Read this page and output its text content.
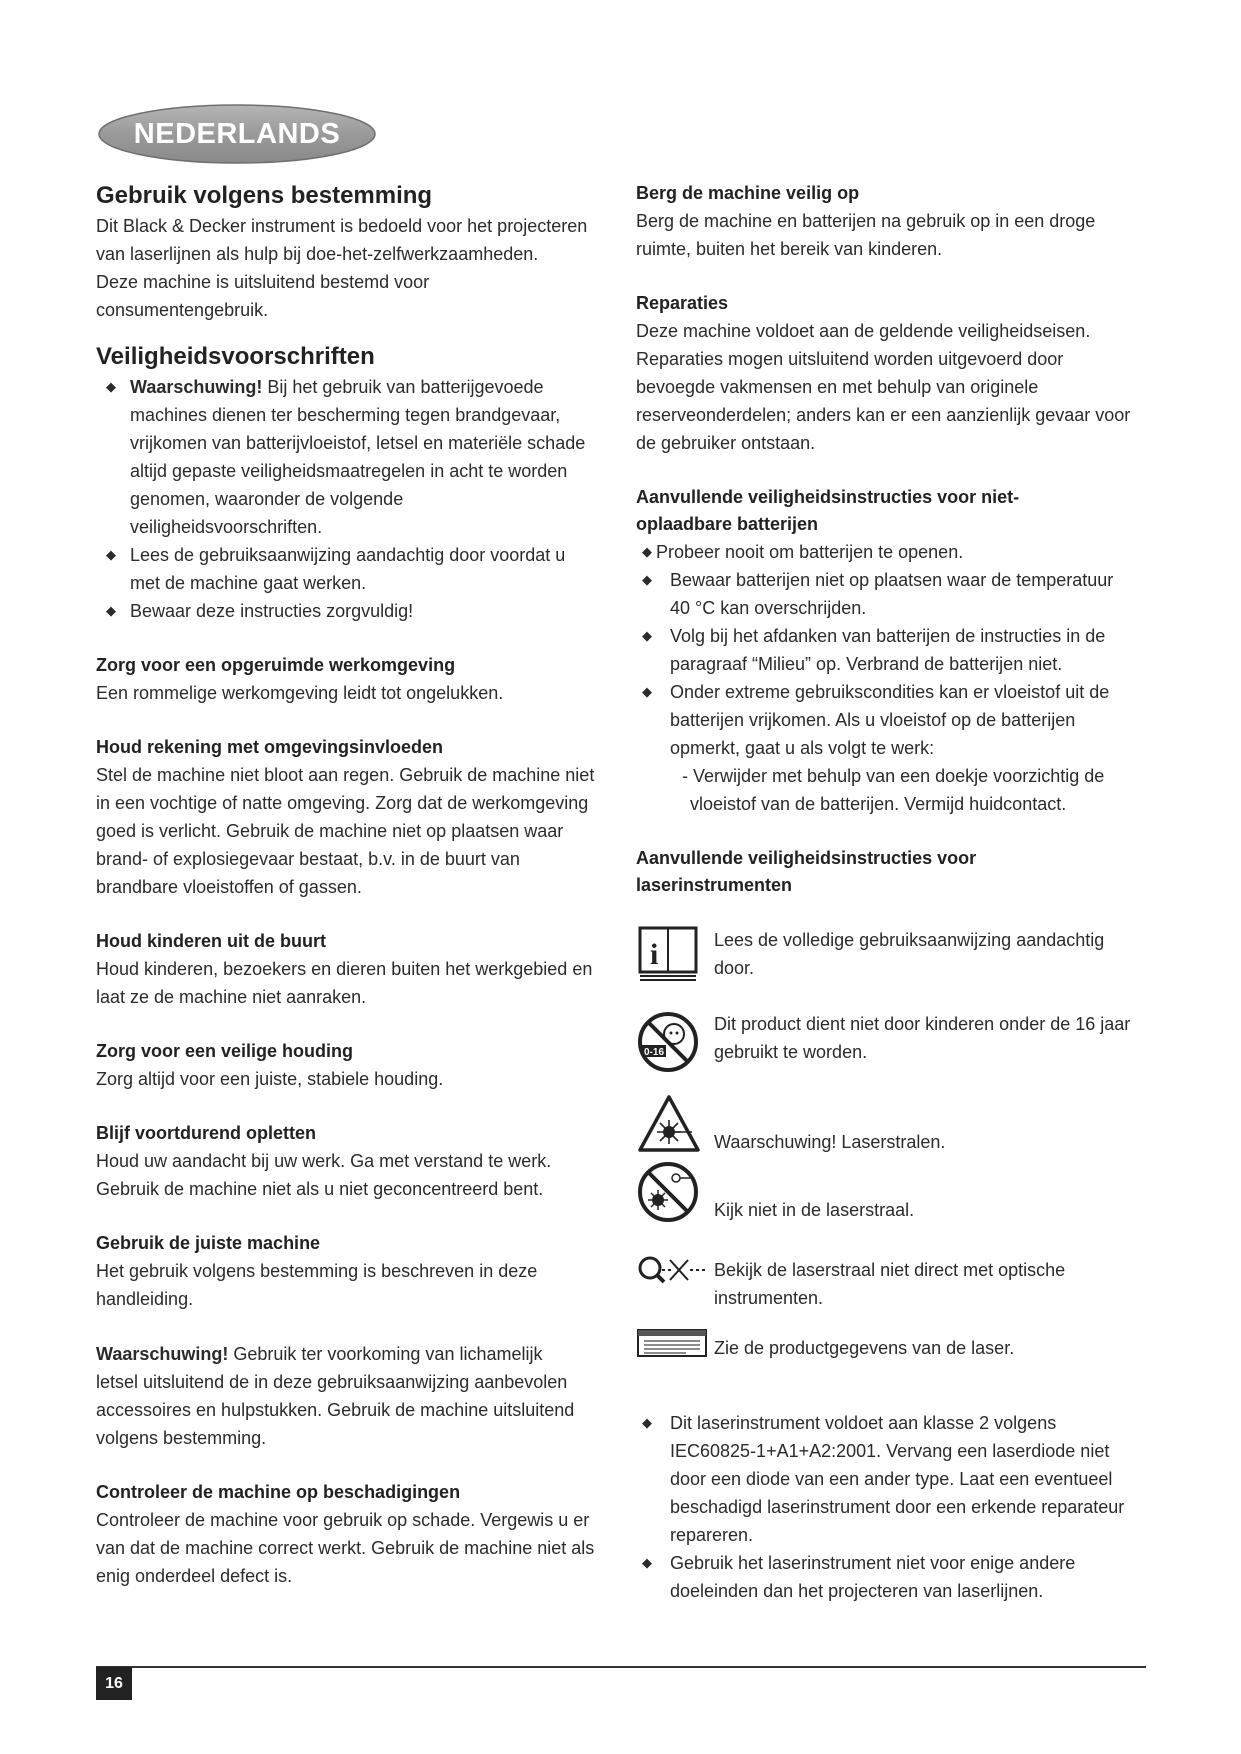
NEDERLANDS
Gebruik volgens bestemming

Dit Black & Decker instrument is bedoeld voor het projecteren
van laserlijnen als hulp bij doe-het-zelfwerkzaamheden.
Deze machine is uitsluitend bestemd voor
consumentengebruik.

Veiligheidsvoorschriften
◆ Waarschuwing! Bij het gebruik van batterijgevoede
machines dienen ter bescherming tegen brandgevaar,
vrijkomen van batterijvloeistof, letsel en materiële schade
altijd gepaste veiligheidsmaatregelen in acht te worden
genomen, waaronder de volgende
veiligheidsvoorschriften.
◆ Lees de gebruiksaanwijzing aandachtig door voordat u
met de machine gaat werken.
◆ Bewaar deze instructies zorgvuldig!
Zorg voor een opgeruimde werkomgeving

Een rommelige werkomgeving leidt tot ongelukken.

Houd rekening met omgevingsinvloeden

Stel de machine niet bloot aan regen. Gebruik de machine niet
in een vochtige of natte omgeving. Zorg dat de werkomgeving
goed is verlicht. Gebruik de machine niet op plaatsen waar
brand- of explosiegevaar bestaat, b.v. in de buurt van
brandbare vloeistoffen of gassen.

Houd kinderen uit de buurt

Houd kinderen, bezoekers en dieren buiten het werkgebied en
laat ze de machine niet aanraken.

Zorg voor een veilige houding

Zorg altijd voor een juiste, stabiele houding.

Blijf voortdurend opletten

Houd uw aandacht bij uw werk. Ga met verstand te werk.
Gebruik de machine niet als u niet geconcentreerd bent.

Gebruik de juiste machine

Het gebruik volgens bestemming is beschreven in deze
handleiding.

Waarschuwing! Gebruik ter voorkoming van lichamelijk
letsel uitsluitend de in deze gebruiksaanwijzing aanbevolen
accessoires en hulpstukken. Gebruik de machine uitsluitend
volgens bestemming.

Controleer de machine op beschadigingen

Controleer de machine voor gebruik op schade. Vergewis u er
van dat de machine correct werkt. Gebruik de machine niet als
enig onderdeel defect is.

Berg de machine veilig op

Berg de machine en batterijen na gebruik op in een droge
ruimte, buiten het bereik van kinderen.

Reparaties

Deze machine voldoet aan de geldende veiligheidseisen.
Reparaties mogen uitsluitend worden uitgevoerd door
bevoegde vakmensen en met behulp van originele
reserveonderdelen; anders kan er een aanzienlijk gevaar voor
de gebruiker ontstaan.

Aanvullende veiligheidsinstructies voor niet-
oplaadbare batterijen
◆ Probeer nooit om batterijen te openen.
◆ Bewaar batterijen niet op plaatsen waar de temperatuur
40 °C kan overschrijden.
◆ Volg bij het afdanken van batterijen de instructies in de
paragraaf “Milieu” op. Verbrand de batterijen niet.
◆ Onder extreme gebruikscondities kan er vloeistof uit de
batterijen vrijkomen. Als u vloeistof op de batterijen
opmerkt, gaat u als volgt te werk:
- Verwijder met behulp van een doekje voorzichtig de
vloeistof van de batterijen. Vermijd huidcontact.
Aanvullende veiligheidsinstructies voor
laserinstrumenten
i	Lees de volledige gebruiksaanwijzing aandachtig
door.
0-16
Dit product dient niet door kinderen onder de 16 jaar
gebruikt te worden.
Waarschuwing! Laserstralen.
Kijk niet in de laserstraal.
Bekijk de laserstraal niet direct met optische
instrumenten.
Zie de productgegevens van de laser.
◆ Dit laserinstrument voldoet aan klasse 2 volgens
IEC60825-1+A1+A2:2001. Vervang een laserdiode niet
door een diode van een ander type. Laat een eventueel
beschadigd laserinstrument door een erkende reparateur
repareren.
◆ Gebruik het laserinstrument niet voor enige andere
doeleinden dan het projecteren van laserlijnen.
16
